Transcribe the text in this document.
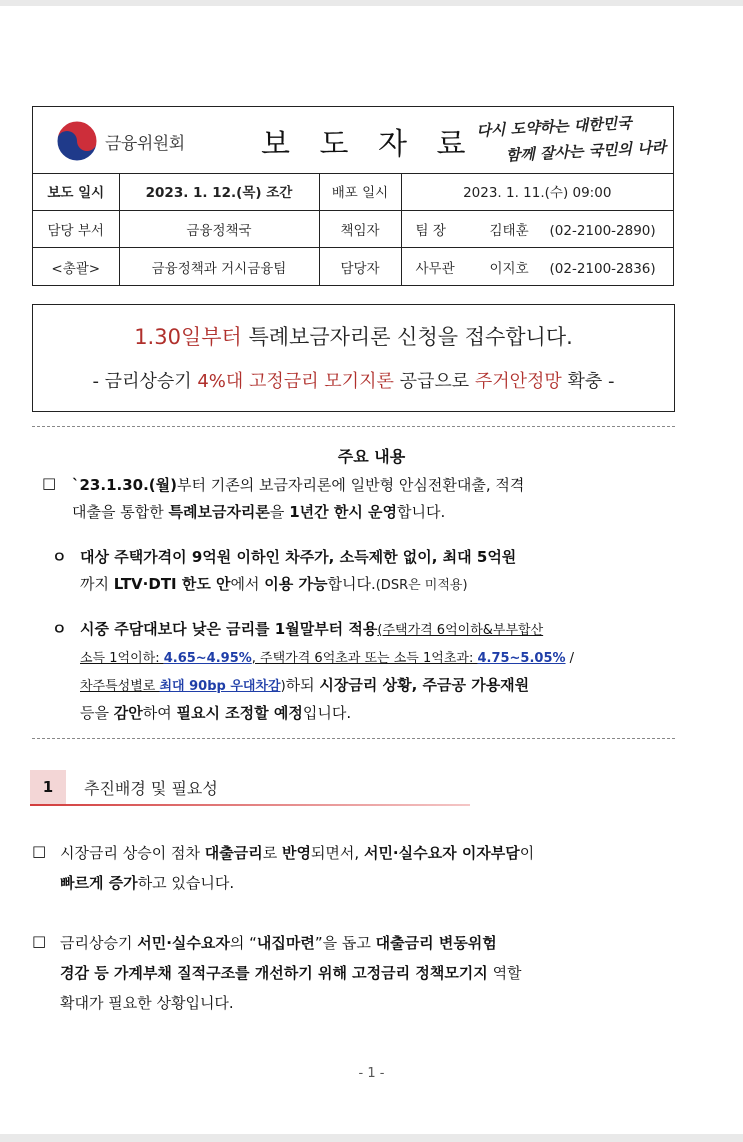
금융위원회	보 도 자 료
다시 도약하는 대한민국
함께 잘사는 국민의 나라
보도 일시	2023. 1. 12.(목) 조간	배포 일시	2023. 1. 11.(수) 09:00
담당 부서	금융정책국	책임자	팀 장 김태훈 (02-2100-2890)
<총괄>	금융정책과 거시금융팀	담당자	사무관 이지호 (02-2100-2836)
1.30일부터 특례보금자리론 신청을 접수합니다.
- 금리상승기 4%대 고정금리 모기지론 공급으로 주거안정망 확충 -
주요 내용
□ `23.1.30.(월)부터 기존의 보금자리론에 일반형 안심전환대출, 적격
대출을 통합한 특례보금자리론을 1년간 한시 운영합니다.
ㅇ 대상 주택가격이 9억원 이하인 차주가, 소득제한 없이, 최대 5억원
까지 LTV·DTI 한도 안에서 이용 가능합니다.(DSR은 미적용)
ㅇ 시중 주담대보다 낮은 금리를 1월말부터 적용(주택가격 6억이하&부부합산
소득 1억이하: 4.65~4.95%, 주택가격 6억초과 또는 소득 1억초과: 4.75~5.05% /
차주특성별로 최대 90bp 우대차감)하되 시장금리 상황, 주금공 가용재원
등을 감안하여 필요시 조정할 예정입니다.
1	추진배경 및 필요성
□ 시장금리 상승이 점차 대출금리로 반영되면서, 서민·실수요자 이자부담이
빠르게 증가하고 있습니다.
□ 금리상승기 서민·실수요자의 “내집마련”을 돕고 대출금리 변동위험
경감 등 가계부채 질적구조를 개선하기 위해 고정금리 정책모기지 역할
확대가 필요한 상황입니다.
- 1 -
